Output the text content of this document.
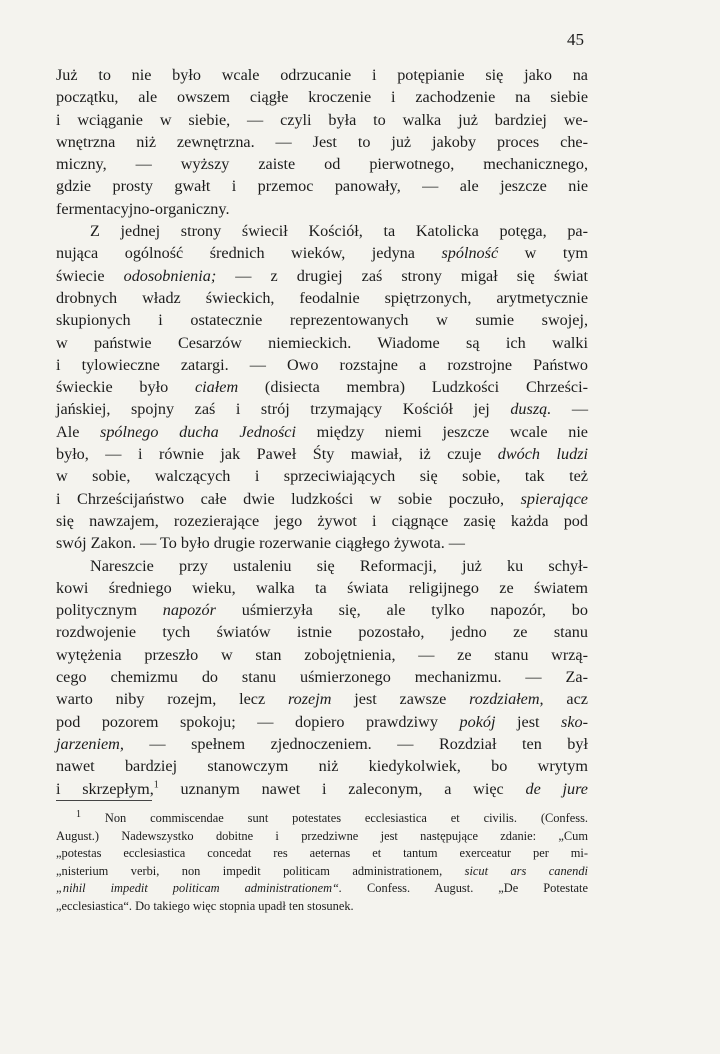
45
Już to nie było wcale odrzucanie i potępianie się jako na
początku, ale owszem ciągłe kroczenie i zachodzenie na siebie
i wciąganie w siebie, — czyli była to walka już bardziej we-
wnętrzna niż zewnętrzna. — Jest to już jakoby proces che-
miczny, — wyższy zaiste od pierwotnego, mechanicznego,
gdzie prosty gwałt i przemoc panowały, — ale jeszcze nie
fermentacyjno-organiczny.
Z jednej strony świecił Kościół, ta Katolicka potęga, pa-
nująca ogólność średnich wieków, jedyna spólność w tym
świecie odosobnienia; — z drugiej zaś strony migał się świat
drobnych władz świeckich, feodalnie spiętrzonych, arytmetycznie
skupionych i ostatecznie reprezentowanych w sumie swojej,
w państwie Cesarzów niemieckich. Wiadome są ich walki
i tylowieczne zatargi. — Owo rozstajne a rozstrojne Państwo
świeckie było ciałem (disiecta membra) Ludzkości Chrześci-
jańskiej, spojny zaś i strój trzymający Kościół jej duszą. —
Ale spólnego ducha Jedności między niemi jeszcze wcale nie
było, — i równie jak Paweł Śty mawiał, iż czuje dwóch ludzi
w sobie, walczących i sprzeciwiających się sobie, tak też
i Chrześcijaństwo całe dwie ludzkości w sobie poczuło, spierające
się nawzajem, rozezierające jego żywot i ciągnące zasię każda pod
swój Zakon. — To było drugie rozerwanie ciągłego żywota. —
Nareszcie przy ustaleniu się Reformacji, już ku schył-
kowi średniego wieku, walka ta świata religijnego ze światem
politycznym napozór uśmierzyła się, ale tylko napozór, bo
rozdwojenie tych światów istnie pozostało, jedno ze stanu
wytężenia przeszło w stan zobojętnienia, — ze stanu wrzą-
cego chemizmu do stanu uśmierzonego mechanizmu. — Za-
warto niby rozejm, lecz rozejm jest zawsze rozdziałem, acz
pod pozorem spokoju; — dopiero prawdziwy pokój jest sko-
jarzeniem, — spełnem zjednoczeniem. — Rozdział ten był
nawet bardziej stanowczym niż kiedykolwiek, bo wrytym
i skrzepłym,$^1$ uznanym nawet i zaleconym, a więc de jure
$^1$ Non commiscendae sunt potestates ecclesiastica et civilis. (Confess.
August.) Nadewszystko dobitne i przedziwne jest następujące zdanie: „Cum
„potestas ecclesiastica concedat res aeternas et tantum exerceatur per mi-
„nisterium verbi, non impedit politicam administrationem, sicut ars canendi
„nihil impedit politicam administrationem“. Confess. August. „De Potestate
„ecclesiastica“. Do takiego więc stopnia upadł ten stosunek.
